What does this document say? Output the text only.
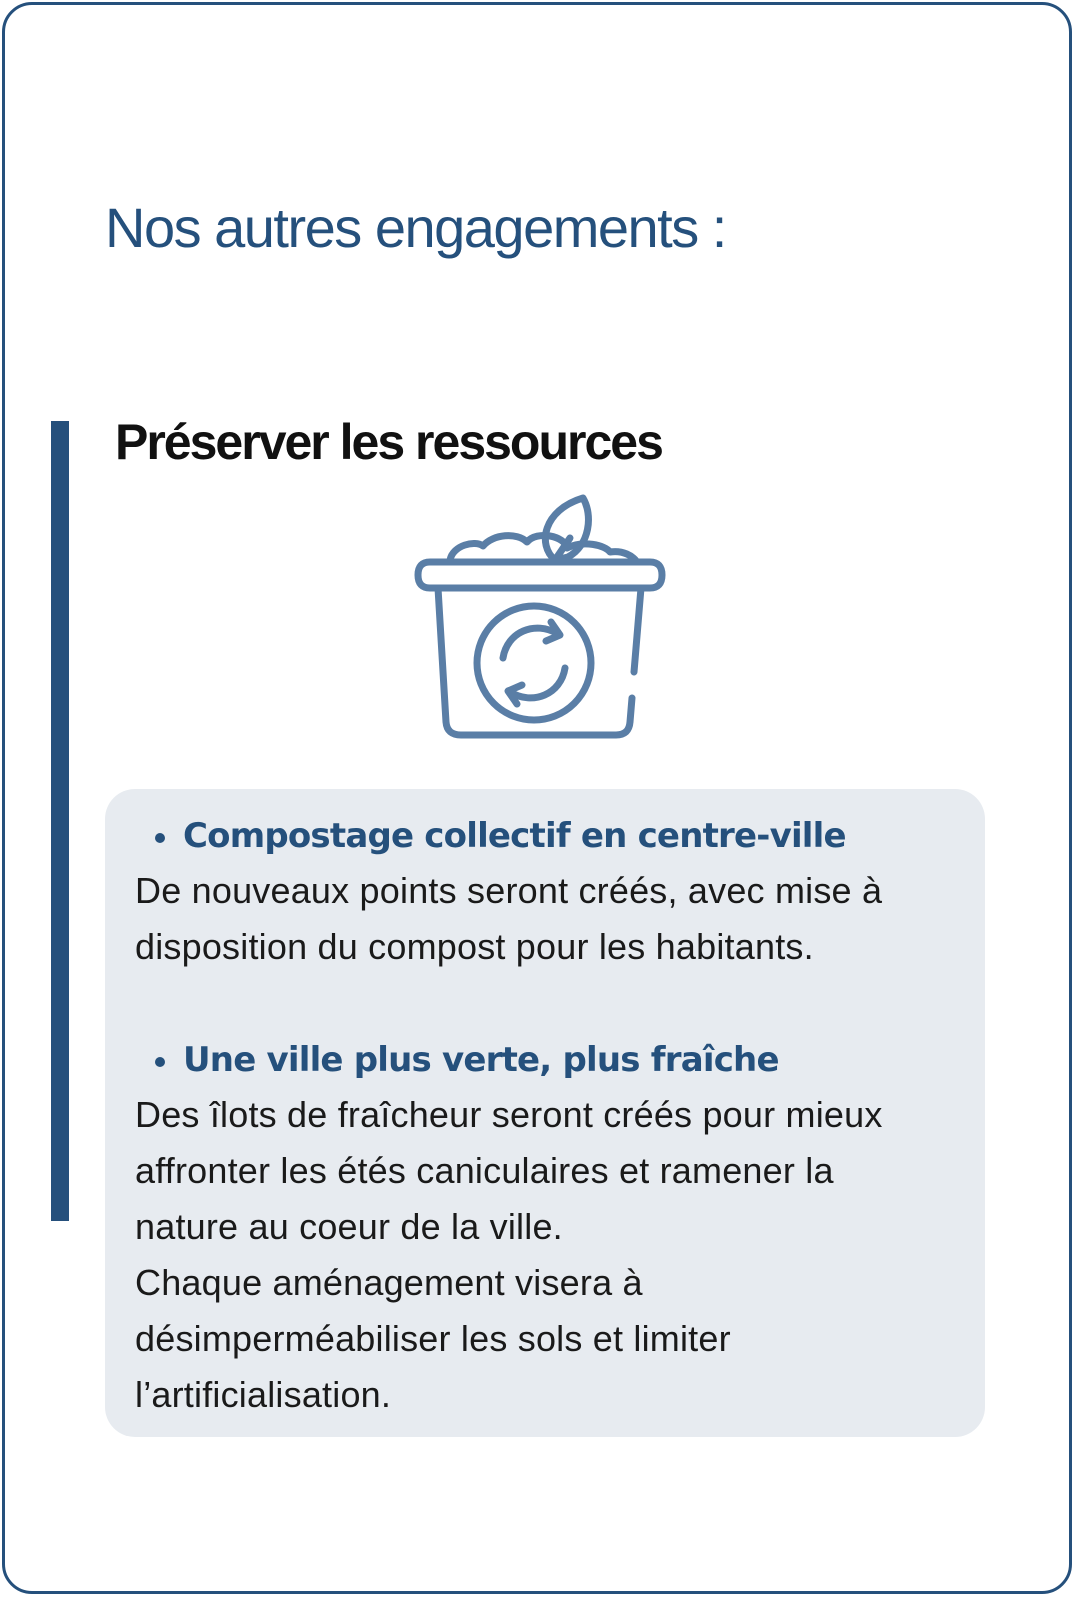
Nos autres engagements :
Préserver les ressources
Compostage collectif en centre-ville

De nouveaux points seront créés, avec mise à
disposition du compost pour les habitants.

Une ville plus verte, plus fraîche

Des îlots de fraîcheur seront créés pour mieux
affronter les étés caniculaires et ramener la
nature au coeur de la ville.
Chaque aménagement visera à
désimperméabiliser les sols et limiter
l’artificialisation.
